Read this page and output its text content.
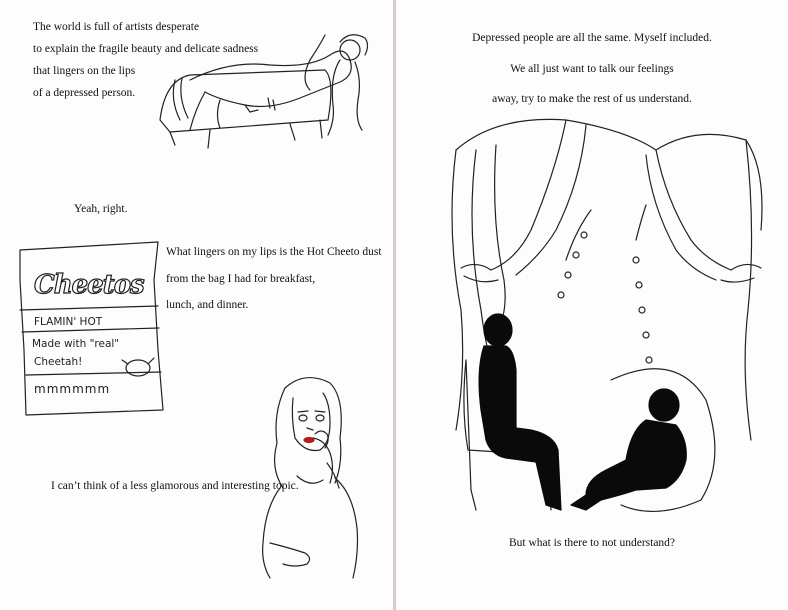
The world is full of artists desperate
to explain the fragile beauty and delicate sadness
that lingers on the lips
of a depressed person.
Yeah, right.
Cheetos
FLAMIN' HOT
Made with "real"
Cheetah!
mmmmmm
What lingers on my lips is the Hot Cheeto dust
from the bag I had for breakfast,
lunch, and dinner.
I can’t think of a less glamorous and interesting topic.
Depressed people are all the same. Myself included.
We all just want to talk our feelings
away, try to make the rest of us understand.
But what is there to not understand?
